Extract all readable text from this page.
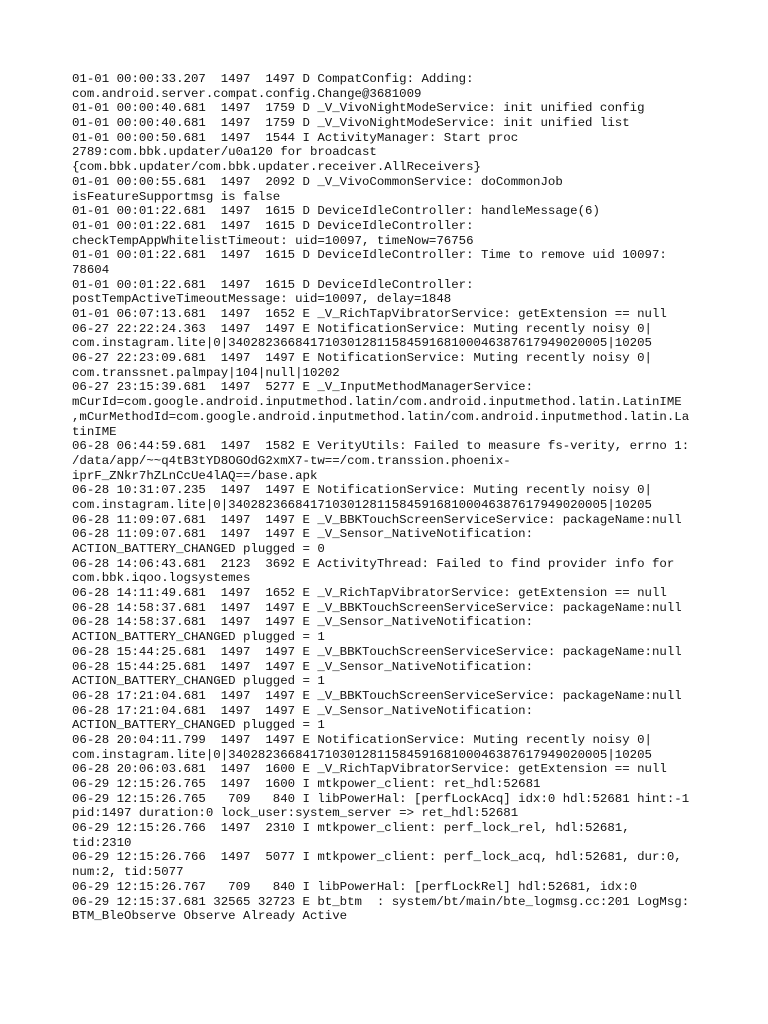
01-01 00:00:33.207  1497  1497 D CompatConfig: Adding:
com.android.server.compat.config.Change@3681009
01-01 00:00:40.681  1497  1759 D _V_VivoNightModeService: init unified config
01-01 00:00:40.681  1497  1759 D _V_VivoNightModeService: init unified list
01-01 00:00:50.681  1497  1544 I ActivityManager: Start proc
2789:com.bbk.updater/u0a120 for broadcast
{com.bbk.updater/com.bbk.updater.receiver.AllReceivers}
01-01 00:00:55.681  1497  2092 D _V_VivoCommonService: doCommonJob
isFeatureSupportmsg is false
01-01 00:01:22.681  1497  1615 D DeviceIdleController: handleMessage(6)
01-01 00:01:22.681  1497  1615 D DeviceIdleController:
checkTempAppWhitelistTimeout: uid=10097, timeNow=76756
01-01 00:01:22.681  1497  1615 D DeviceIdleController: Time to remove uid 10097:
78604
01-01 00:01:22.681  1497  1615 D DeviceIdleController:
postTempActiveTimeoutMessage: uid=10097, delay=1848
01-01 06:07:13.681  1497  1652 E _V_RichTapVibratorService: getExtension == null
06-27 22:22:24.363  1497  1497 E NotificationService: Muting recently noisy 0|
com.instagram.lite|0|340282366841710301281158459168100046387617949020005|10205
06-27 22:23:09.681  1497  1497 E NotificationService: Muting recently noisy 0|
com.transsnet.palmpay|104|null|10202
06-27 23:15:39.681  1497  5277 E _V_InputMethodManagerService:
mCurId=com.google.android.inputmethod.latin/com.android.inputmethod.latin.LatinIME
,mCurMethodId=com.google.android.inputmethod.latin/com.android.inputmethod.latin.La
tinIME
06-28 06:44:59.681  1497  1582 E VerityUtils: Failed to measure fs-verity, errno 1:
/data/app/~~q4tB3tYD8OGOdG2xmX7-tw==/com.transsion.phoenix-
iprF_ZNkr7hZLnCcUe4lAQ==/base.apk
06-28 10:31:07.235  1497  1497 E NotificationService: Muting recently noisy 0|
com.instagram.lite|0|340282366841710301281158459168100046387617949020005|10205
06-28 11:09:07.681  1497  1497 E _V_BBKTouchScreenServiceService: packageName:null
06-28 11:09:07.681  1497  1497 E _V_Sensor_NativeNotification:
ACTION_BATTERY_CHANGED plugged = 0
06-28 14:06:43.681  2123  3692 E ActivityThread: Failed to find provider info for
com.bbk.iqoo.logsystemes
06-28 14:11:49.681  1497  1652 E _V_RichTapVibratorService: getExtension == null
06-28 14:58:37.681  1497  1497 E _V_BBKTouchScreenServiceService: packageName:null
06-28 14:58:37.681  1497  1497 E _V_Sensor_NativeNotification:
ACTION_BATTERY_CHANGED plugged = 1
06-28 15:44:25.681  1497  1497 E _V_BBKTouchScreenServiceService: packageName:null
06-28 15:44:25.681  1497  1497 E _V_Sensor_NativeNotification:
ACTION_BATTERY_CHANGED plugged = 1
06-28 17:21:04.681  1497  1497 E _V_BBKTouchScreenServiceService: packageName:null
06-28 17:21:04.681  1497  1497 E _V_Sensor_NativeNotification:
ACTION_BATTERY_CHANGED plugged = 1
06-28 20:04:11.799  1497  1497 E NotificationService: Muting recently noisy 0|
com.instagram.lite|0|340282366841710301281158459168100046387617949020005|10205
06-28 20:06:03.681  1497  1600 E _V_RichTapVibratorService: getExtension == null
06-29 12:15:26.765  1497  1600 I mtkpower_client: ret_hdl:52681
06-29 12:15:26.765   709   840 I libPowerHal: [perfLockAcq] idx:0 hdl:52681 hint:-1
pid:1497 duration:0 lock_user:system_server => ret_hdl:52681
06-29 12:15:26.766  1497  2310 I mtkpower_client: perf_lock_rel, hdl:52681,
tid:2310
06-29 12:15:26.766  1497  5077 I mtkpower_client: perf_lock_acq, hdl:52681, dur:0,
num:2, tid:5077
06-29 12:15:26.767   709   840 I libPowerHal: [perfLockRel] hdl:52681, idx:0
06-29 12:15:37.681 32565 32723 E bt_btm  : system/bt/main/bte_logmsg.cc:201 LogMsg:
BTM_BleObserve Observe Already Active
